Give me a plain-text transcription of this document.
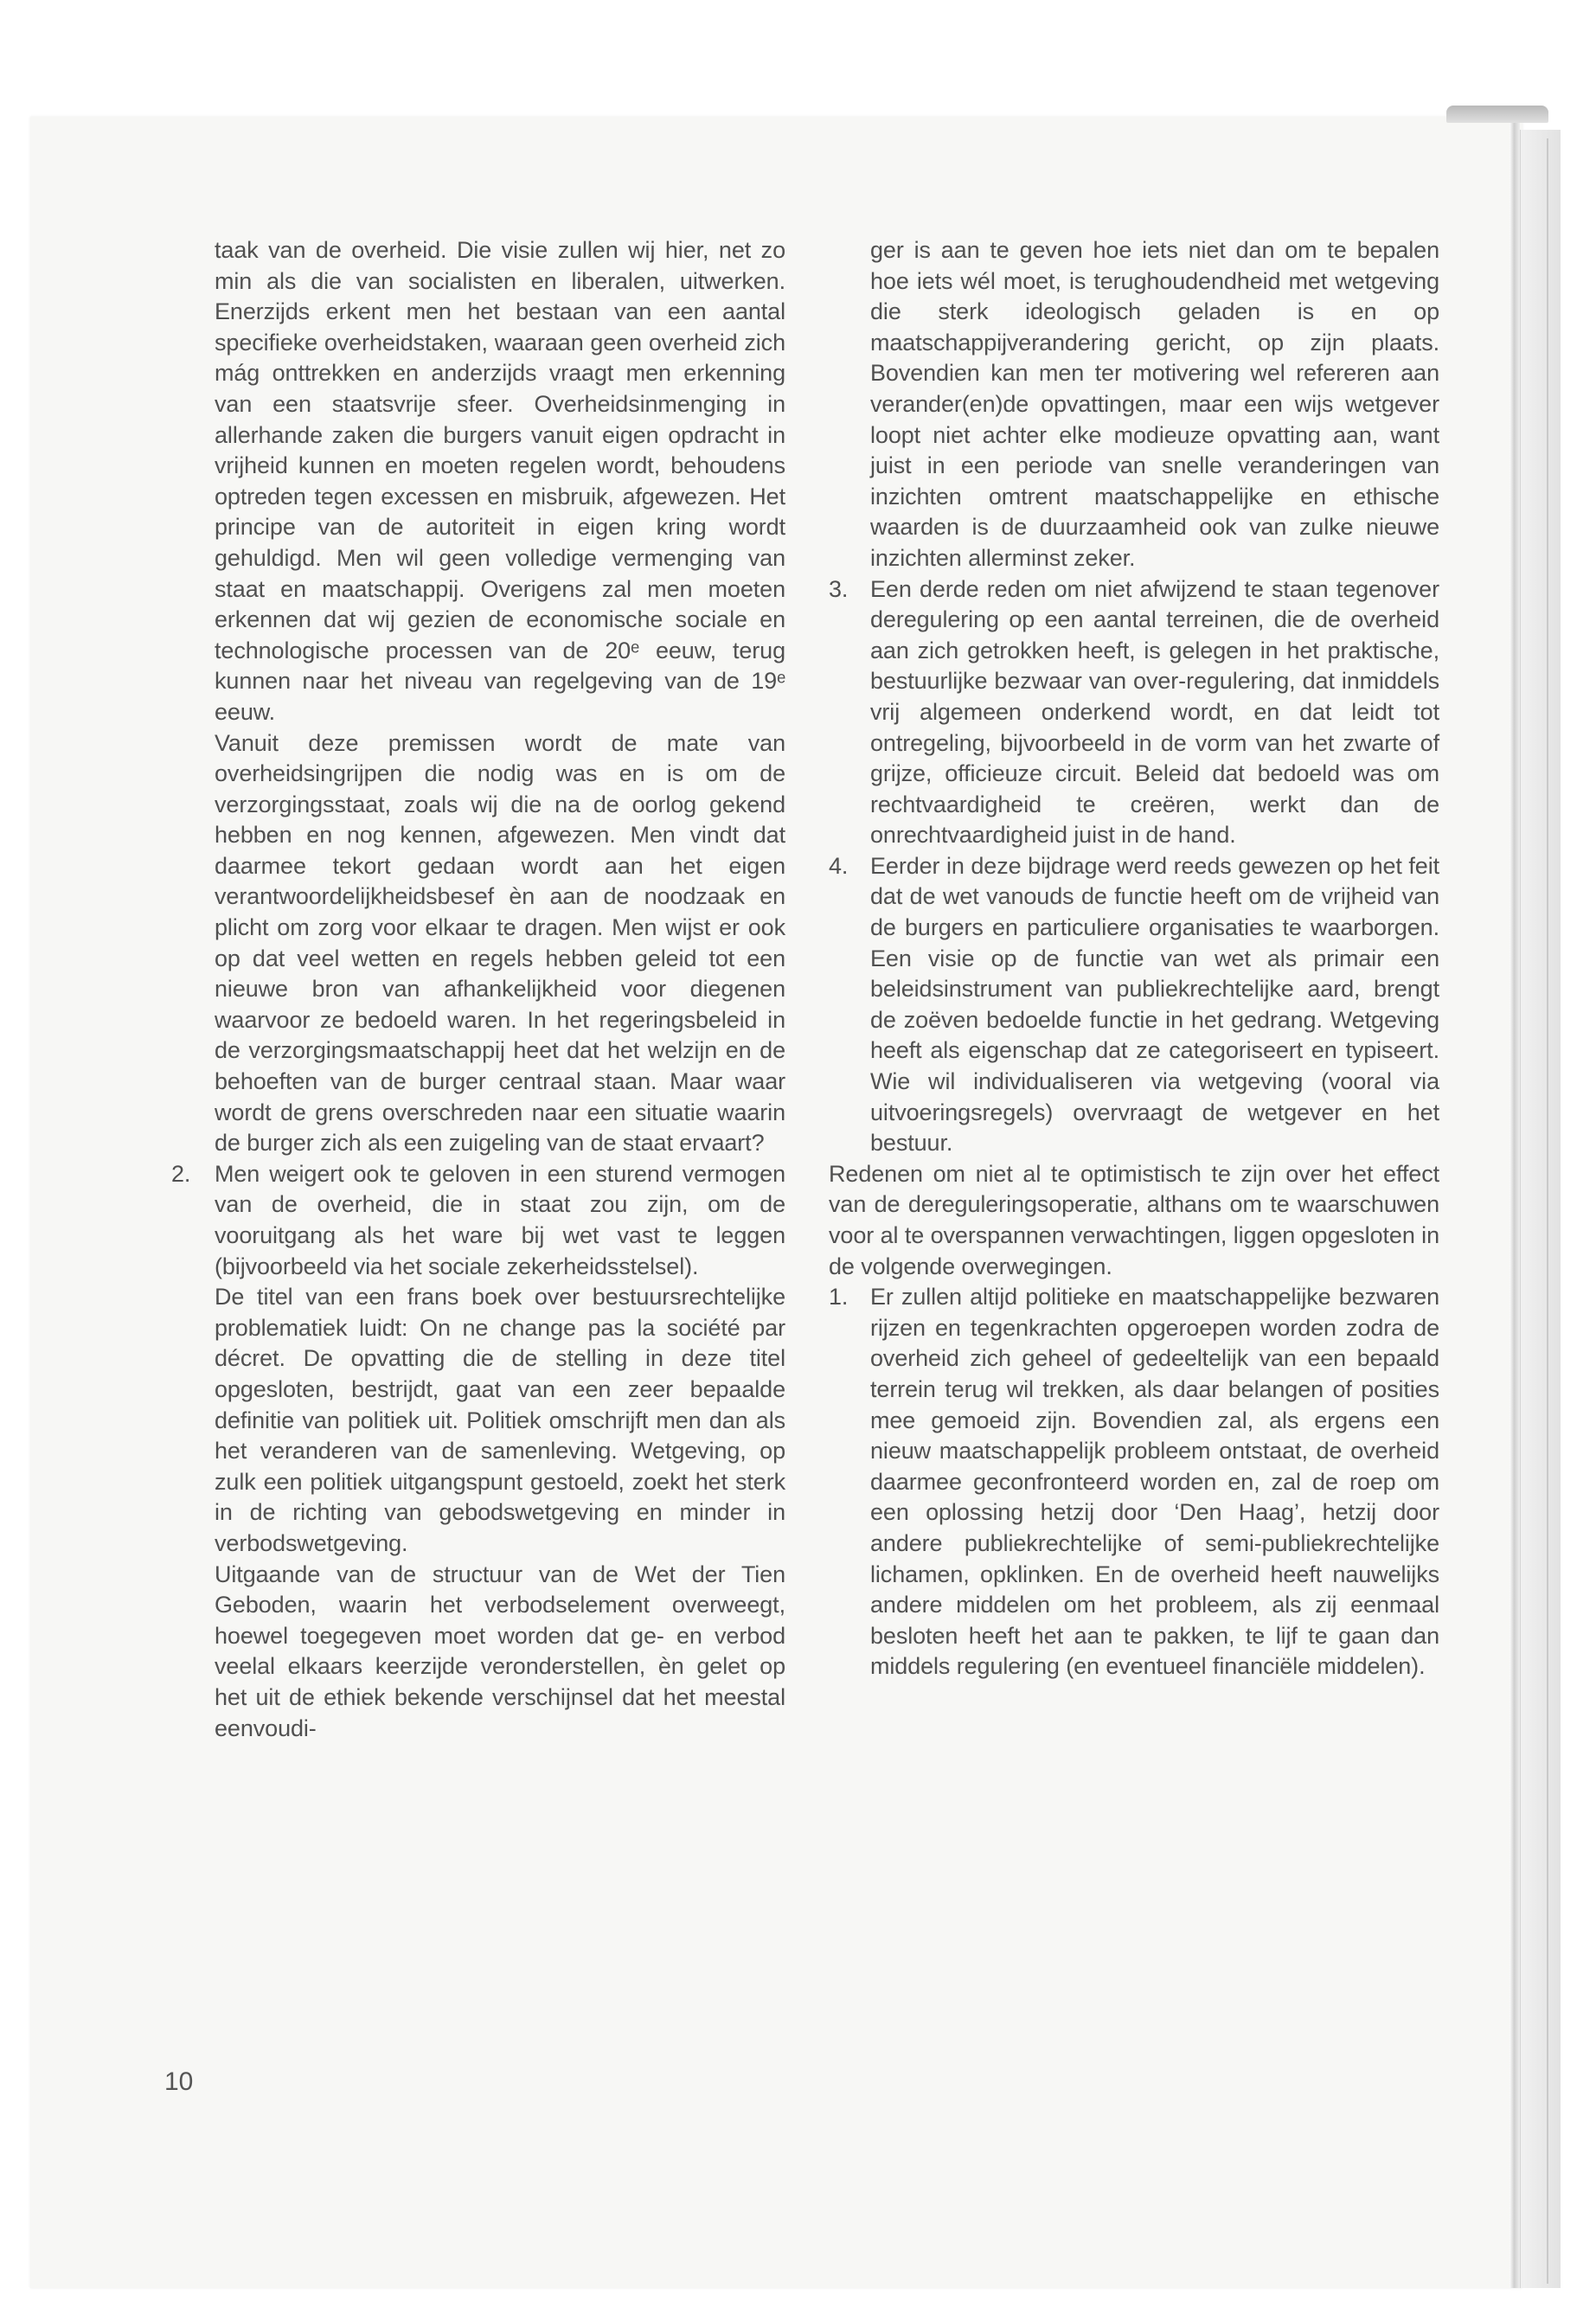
taak van de overheid. Die visie zullen wij hier, net zo min als die van socialisten en liberalen, uitwerken. Enerzijds erkent men het bestaan van een aantal specifieke overheidstaken, waaraan geen overheid zich mág onttrekken en anderzijds vraagt men erkenning van een staatsvrije sfeer. Overheidsinmenging in allerhande zaken die burgers vanuit eigen opdracht in vrijheid kunnen en moeten regelen wordt, behoudens optreden tegen excessen en misbruik, afgewezen. Het principe van de autoriteit in eigen kring wordt gehuldigd. Men wil geen volledige vermenging van staat en maatschappij. Overigens zal men moeten erkennen dat wij gezien de economische sociale en technologische processen van de 20ᵉ eeuw, terug kunnen naar het niveau van regelgeving van de 19ᵉ eeuw.

Vanuit deze premissen wordt de mate van overheidsingrijpen die nodig was en is om de verzorgingsstaat, zoals wij die na de oorlog gekend hebben en nog kennen, afgewezen. Men vindt dat daarmee tekort gedaan wordt aan het eigen verantwoordelijkheidsbesef èn aan de noodzaak en plicht om zorg voor elkaar te dragen. Men wijst er ook op dat veel wetten en regels hebben geleid tot een nieuwe bron van afhankelijkheid voor diegenen waarvoor ze bedoeld waren. In het regeringsbeleid in de verzorgingsmaatschappij heet dat het welzijn en de behoeften van de burger centraal staan. Maar waar wordt de grens overschreden naar een situatie waarin de burger zich als een zuigeling van de staat ervaart?

2.	Men weigert ook te geloven in een sturend vermogen van de overheid, die in staat zou zijn, om de vooruitgang als het ware bij wet vast te leggen (bijvoorbeeld via het sociale zekerheidsstelsel).

De titel van een frans boek over bestuursrechtelijke problematiek luidt: On ne change pas la société par décret. De opvatting die de stelling in deze titel opgesloten, bestrijdt, gaat van een zeer bepaalde definitie van politiek uit. Politiek omschrijft men dan als het veranderen van de samenleving. Wetgeving, op zulk een politiek uitgangspunt gestoeld, zoekt het sterk in de richting van gebodswetgeving en minder in verbodswetgeving.

Uitgaande van de structuur van de Wet der Tien Geboden, waarin het verbodselement overweegt, hoewel toegegeven moet worden dat ge- en verbod veelal elkaars keerzijde veronderstellen, èn gelet op het uit de ethiek bekende verschijnsel dat het meestal eenvoudi-

ger is aan te geven hoe iets niet dan om te bepalen hoe iets wél moet, is terughoudendheid met wetgeving die sterk ideologisch geladen is en op maatschappijverandering gericht, op zijn plaats. Bovendien kan men ter motivering wel refereren aan verander(en)de opvattingen, maar een wijs wetgever loopt niet achter elke modieuze opvatting aan, want juist in een periode van snelle veranderingen van inzichten omtrent maatschappelijke en ethische waarden is de duurzaamheid ook van zulke nieuwe inzichten allerminst zeker.

3. Een derde reden om niet afwijzend te staan tegenover deregulering op een aantal terreinen, die de overheid aan zich getrokken heeft, is gelegen in het praktische, bestuurlijke bezwaar van over-regulering, dat inmiddels vrij algemeen onderkend wordt, en dat leidt tot ontregeling, bijvoorbeeld in de vorm van het zwarte of grijze, officieuze circuit. Beleid dat bedoeld was om rechtvaardigheid te creëren, werkt dan de onrechtvaardigheid juist in de hand.

4. Eerder in deze bijdrage werd reeds gewezen op het feit dat de wet vanouds de functie heeft om de vrijheid van de burgers en particuliere organisaties te waarborgen. Een visie op de functie van wet als primair een beleidsinstrument van publiekrechtelijke aard, brengt de zoëven bedoelde functie in het gedrang. Wetgeving heeft als eigenschap dat ze categoriseert en typiseert. Wie wil individualiseren via wetgeving (vooral via uitvoeringsregels) overvraagt de wetgever en het bestuur.

Redenen om niet al te optimistisch te zijn over het effect van de dereguleringsoperatie, althans om te waarschuwen voor al te overspannen verwachtingen, liggen opgesloten in de volgende overwegingen.

1. Er zullen altijd politieke en maatschappelijke bezwaren rijzen en tegenkrachten opgeroepen worden zodra de overheid zich geheel of gedeeltelijk van een bepaald terrein terug wil trekken, als daar belangen of posities mee gemoeid zijn. Bovendien zal, als ergens een nieuw maatschappelijk probleem ontstaat, de overheid daarmee geconfronteerd worden en, zal de roep om een oplossing hetzij door ‘Den Haag’, hetzij door andere publiekrechtelijke of semi-publiekrechtelijke lichamen, opklinken. En de overheid heeft nauwelijks andere middelen om het probleem, als zij eenmaal besloten heeft het aan te pakken, te lijf te gaan dan middels regulering (en eventueel financiële middelen).

10
